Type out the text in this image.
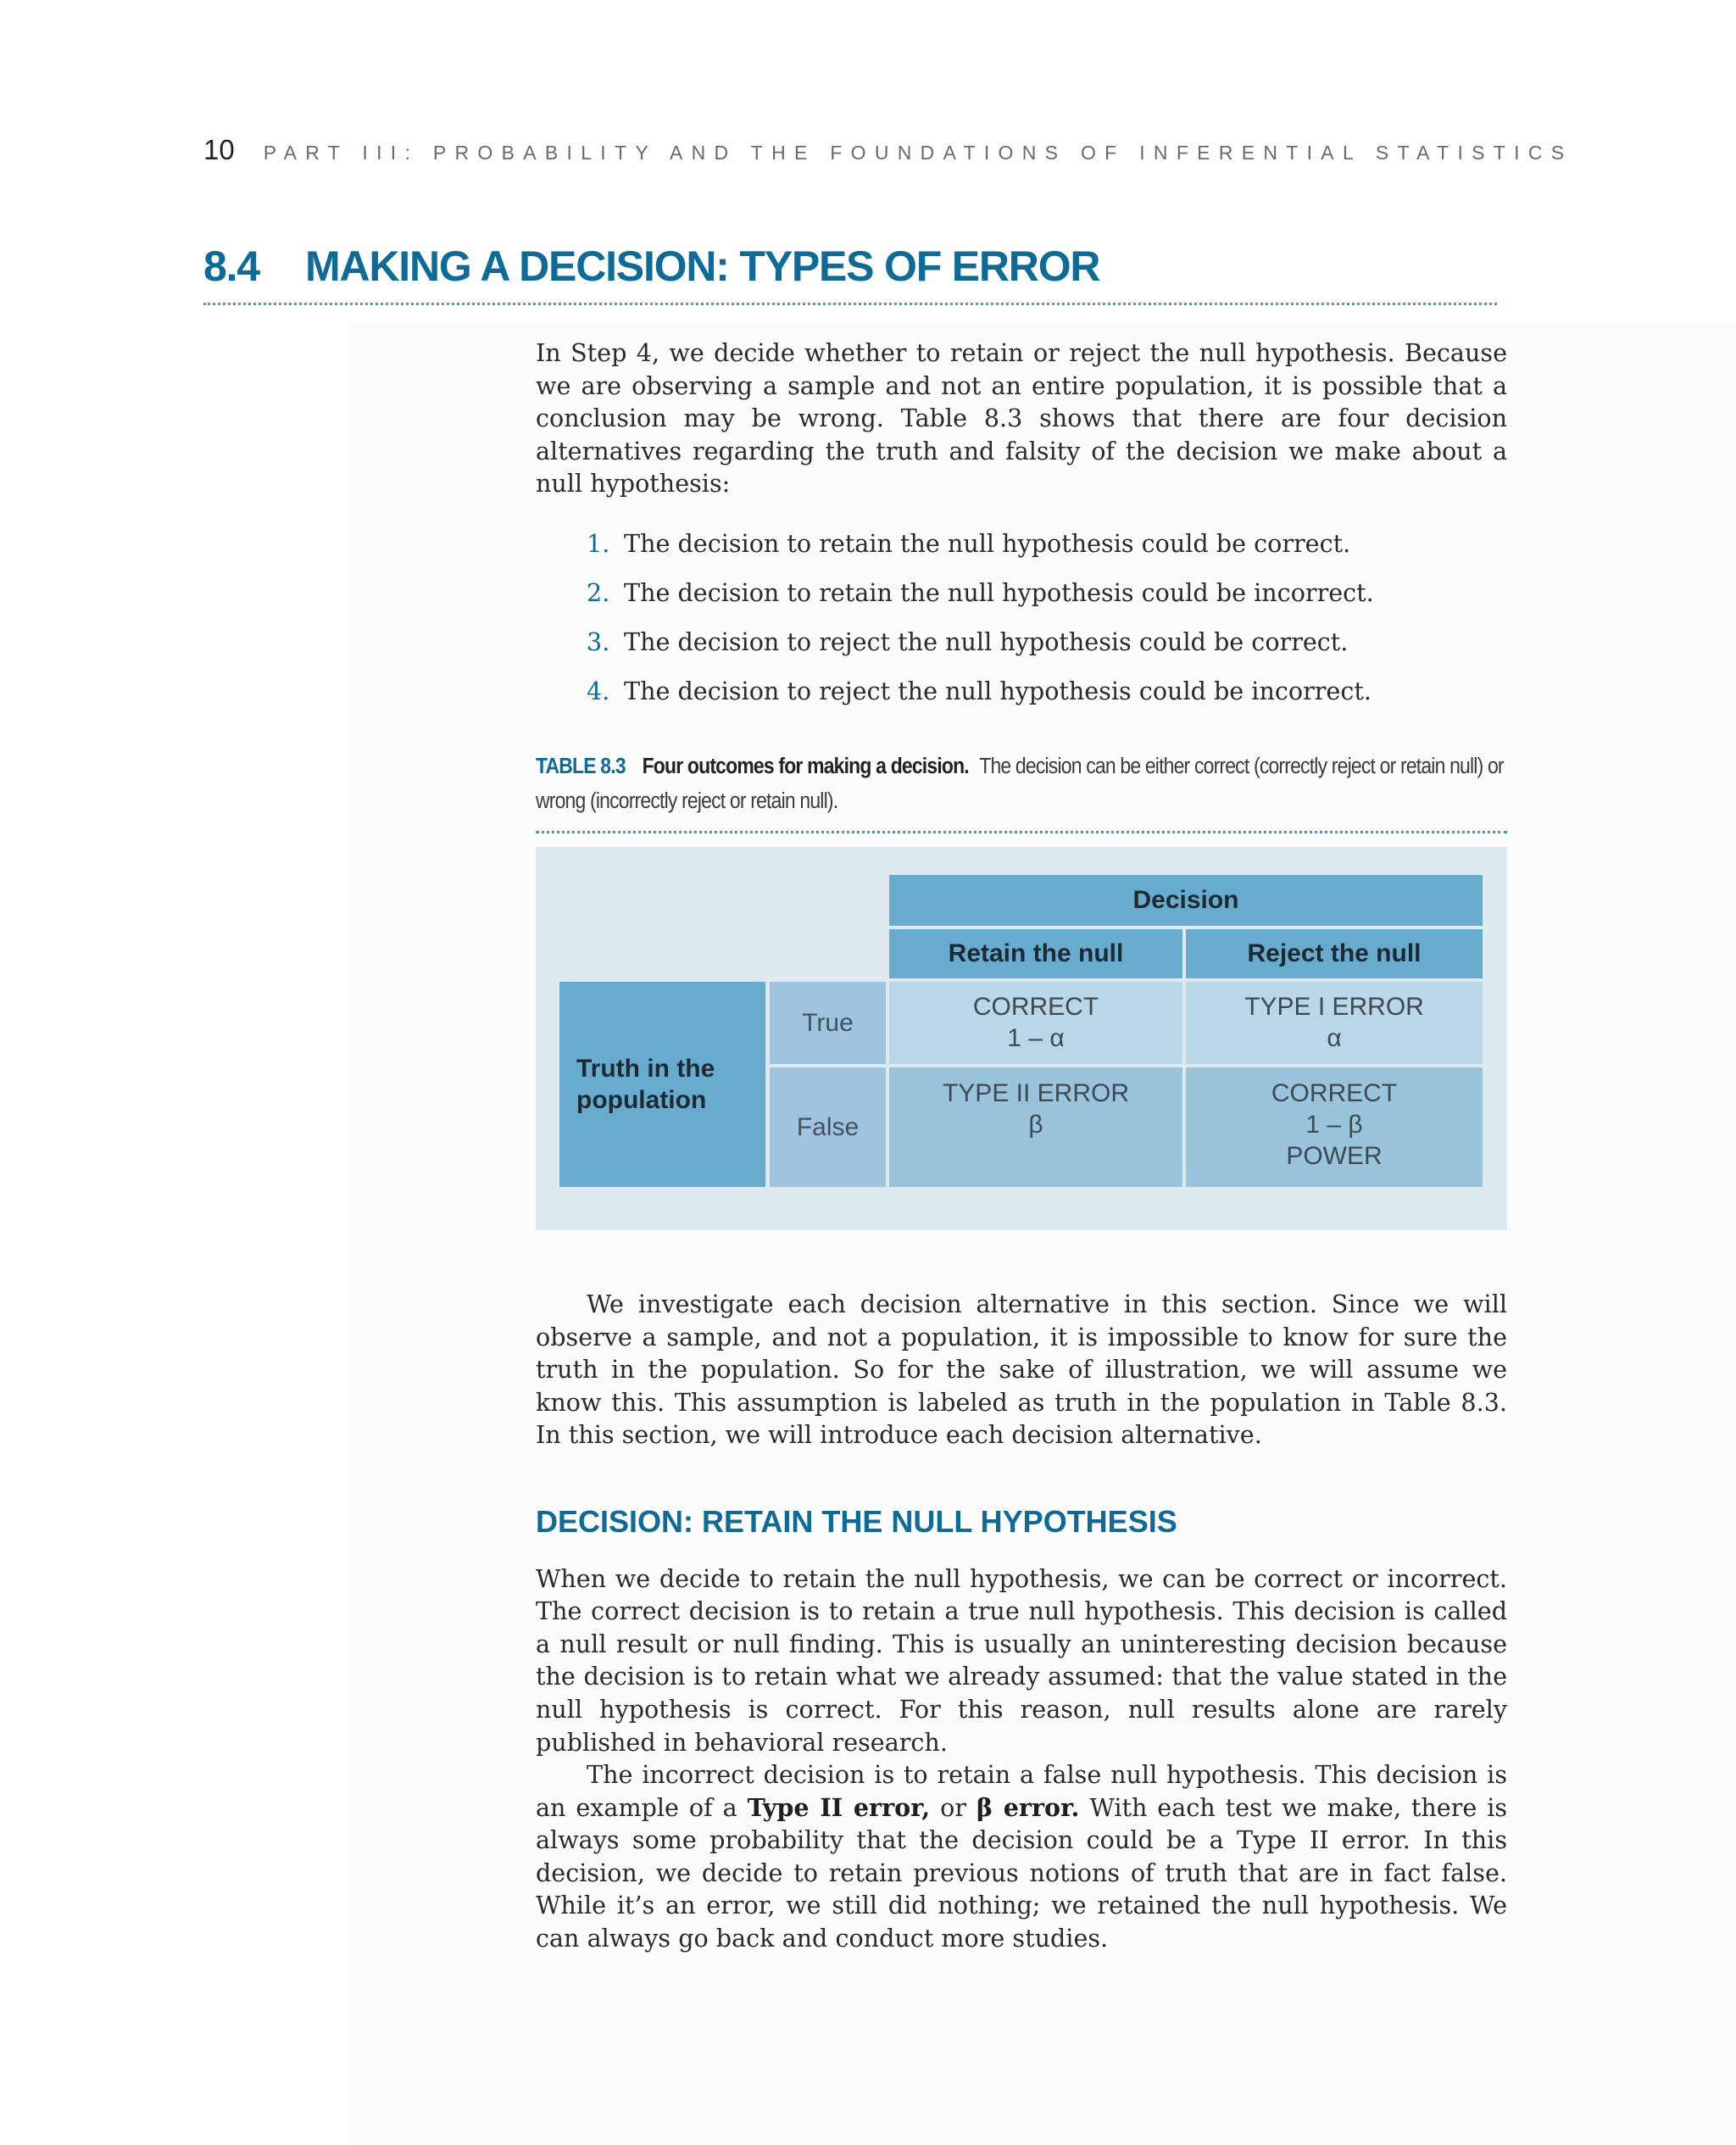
10 PART III: PROBABILITY AND THE FOUNDATIONS OF INFERENTIAL STATISTICS
8.4 MAKING A DECISION: TYPES OF ERROR

In Step 4, we decide whether to retain or reject the null hypothesis. Because we are observing a sample and not an entire population, it is possible that a conclusion may be wrong. Table 8.3 shows that there are four decision alternatives regarding the truth and falsity of the decision we make about a null hypothesis:

1. The decision to retain the null hypothesis could be correct.
2. The decision to retain the null hypothesis could be incorrect.
3. The decision to reject the null hypothesis could be correct.
4. The decision to reject the null hypothesis could be incorrect.
TABLE 8.3 Four outcomes for making a decision. The decision can be either correct (correctly reject or retain null) or wrong (incorrectly reject or retain null).
Decision
Retain the null	Reject the null
Truth in the population
True
False
CORRECT
1 – α
TYPE I ERROR
α
TYPE II ERROR
β
CORRECT
1 – β
POWER

We investigate each decision alternative in this section. Since we will observe a sample, and not a population, it is impossible to know for sure the truth in the population. So for the sake of illustration, we will assume we know this. This assumption is labeled as truth in the population in Table 8.3. In this section, we will introduce each decision alternative.

DECISION: RETAIN THE NULL HYPOTHESIS

When we decide to retain the null hypothesis, we can be correct or incorrect. The correct decision is to retain a true null hypothesis. This decision is called a null result or null finding. This is usually an uninteresting decision because the decision is to retain what we already assumed: that the value stated in the null hypothesis is correct. For this reason, null results alone are rarely published in behavioral research.

The incorrect decision is to retain a false null hypothesis. This decision is an example of a Type II error, or β error. With each test we make, there is always some probability that the decision could be a Type II error. In this decision, we decide to retain previous notions of truth that are in fact false. While it’s an error, we still did nothing; we retained the null hypothesis. We can always go back and conduct more studies.
